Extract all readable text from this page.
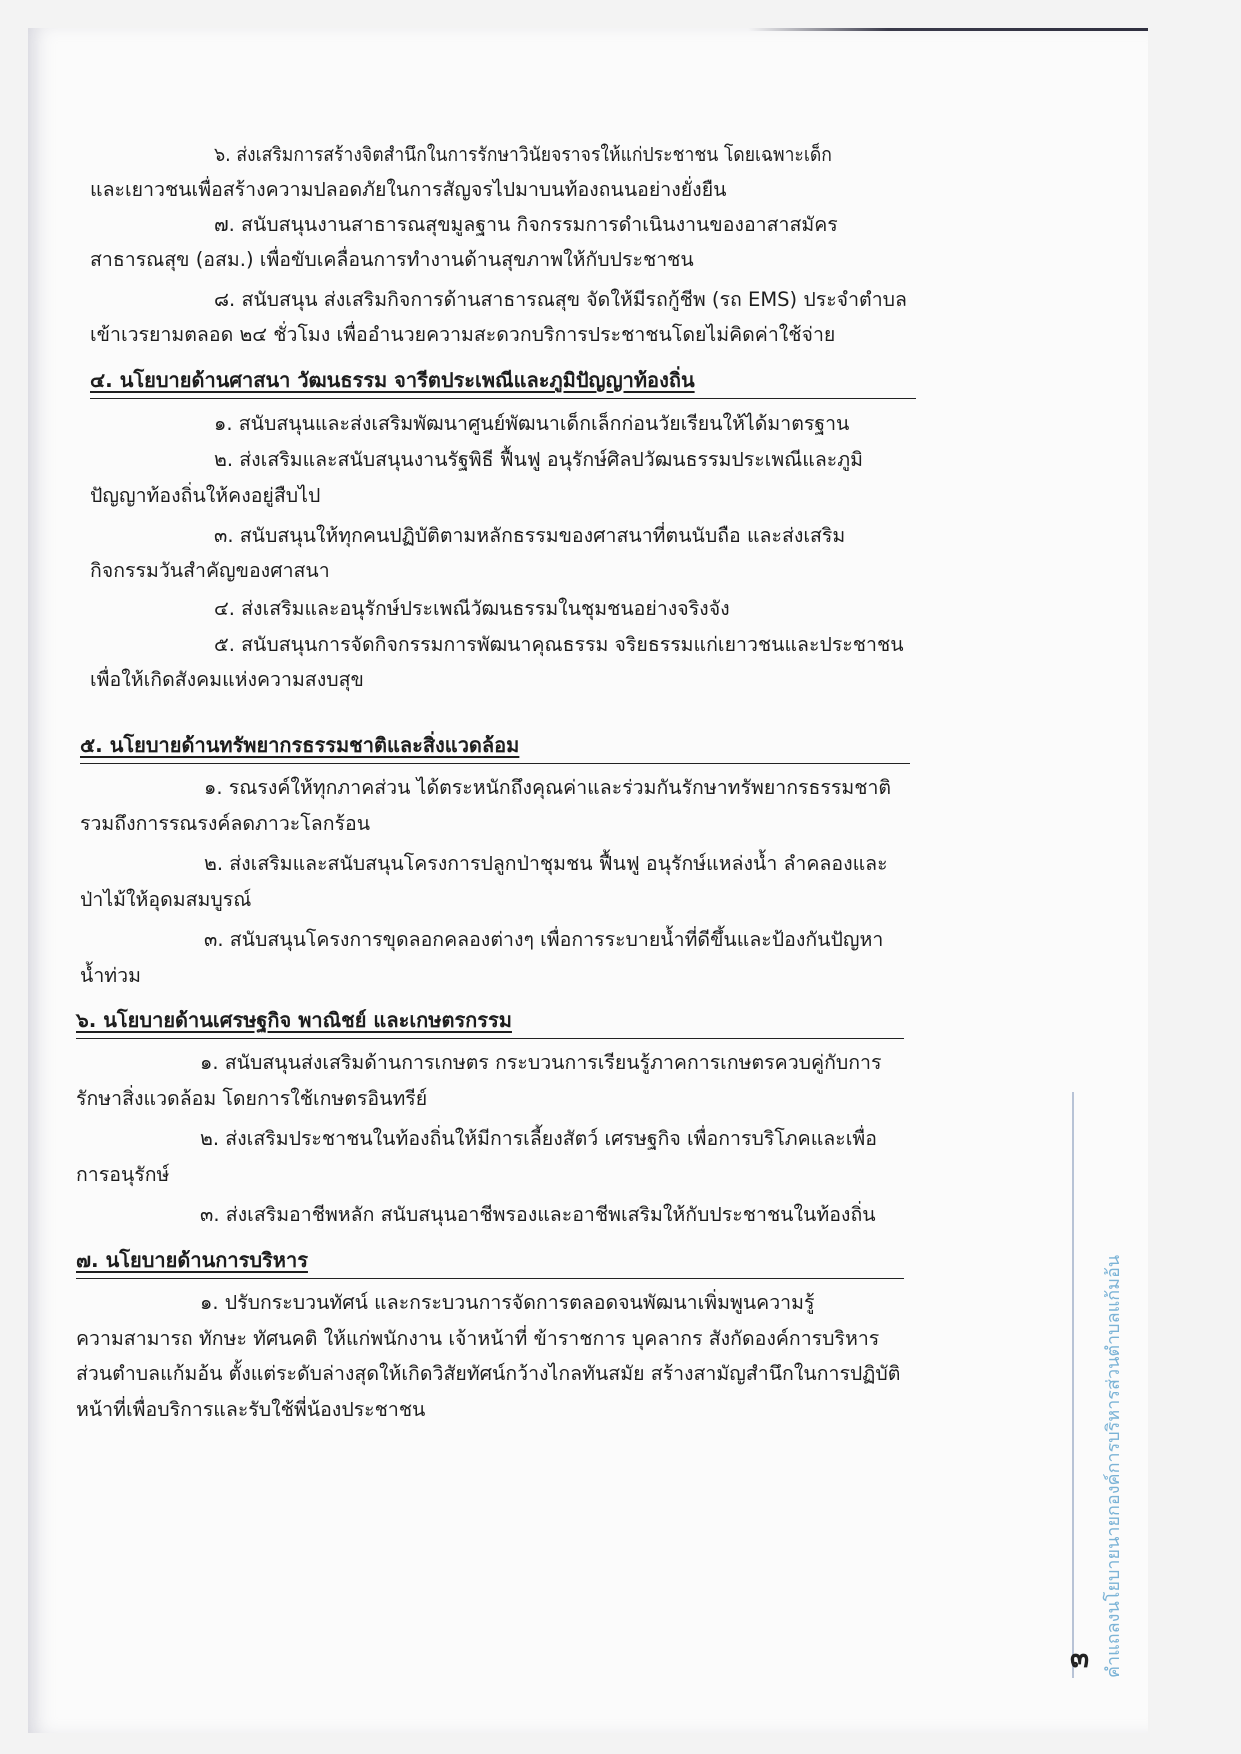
๖. ส่งเสริมการสร้างจิตสำนึกในการรักษาวินัยจราจรให้แก่ประชาชน โดยเฉพาะเด็ก

และเยาวชนเพื่อสร้างความปลอดภัยในการสัญจรไปมาบนท้องถนนอย่างยั่งยืน

๗. สนับสนุนงานสาธารณสุขมูลฐาน กิจกรรมการดำเนินงานของอาสาสมัคร

สาธารณสุข (อสม.) เพื่อขับเคลื่อนการทำงานด้านสุขภาพให้กับประชาชน

๘. สนับสนุน ส่งเสริมกิจการด้านสาธารณสุข จัดให้มีรถกู้ชีพ (รถ EMS) ประจำตำบล

เข้าเวรยามตลอด ๒๔ ชั่วโมง เพื่ออำนวยความสะดวกบริการประชาชนโดยไม่คิดค่าใช้จ่าย

๔. นโยบายด้านศาสนา วัฒนธรรม จารีตประเพณีและภูมิปัญญาท้องถิ่น

๑. สนับสนุนและส่งเสริมพัฒนาศูนย์พัฒนาเด็กเล็กก่อนวัยเรียนให้ได้มาตรฐาน

๒. ส่งเสริมและสนับสนุนงานรัฐพิธี ฟื้นฟู อนุรักษ์ศิลปวัฒนธรรมประเพณีและภูมิ

ปัญญาท้องถิ่นให้คงอยู่สืบไป

๓. สนับสนุนให้ทุกคนปฏิบัติตามหลักธรรมของศาสนาที่ตนนับถือ และส่งเสริม

กิจกรรมวันสำคัญของศาสนา

๔. ส่งเสริมและอนุรักษ์ประเพณีวัฒนธรรมในชุมชนอย่างจริงจัง

๕. สนับสนุนการจัดกิจกรรมการพัฒนาคุณธรรม จริยธรรมแก่เยาวชนและประชาชน

เพื่อให้เกิดสังคมแห่งความสงบสุข

๕. นโยบายด้านทรัพยากรธรรมชาติและสิ่งแวดล้อม

๑. รณรงค์ให้ทุกภาคส่วน ได้ตระหนักถึงคุณค่าและร่วมกันรักษาทรัพยากรธรรมชาติ

รวมถึงการรณรงค์ลดภาวะโลกร้อน

๒. ส่งเสริมและสนับสนุนโครงการปลูกป่าชุมชน ฟื้นฟู อนุรักษ์แหล่งน้ำ ลำคลองและ

ป่าไม้ให้อุดมสมบูรณ์

๓. สนับสนุนโครงการขุดลอกคลองต่างๆ เพื่อการระบายน้ำที่ดีขึ้นและป้องกันปัญหา

น้ำท่วม

๖. นโยบายด้านเศรษฐกิจ พาณิชย์ และเกษตรกรรม

๑. สนับสนุนส่งเสริมด้านการเกษตร กระบวนการเรียนรู้ภาคการเกษตรควบคู่กับการ

รักษาสิ่งแวดล้อม โดยการใช้เกษตรอินทรีย์

๒. ส่งเสริมประชาชนในท้องถิ่นให้มีการเลี้ยงสัตว์ เศรษฐกิจ เพื่อการบริโภคและเพื่อ

การอนุรักษ์

๓. ส่งเสริมอาชีพหลัก สนับสนุนอาชีพรองและอาชีพเสริมให้กับประชาชนในท้องถิ่น

๗. นโยบายด้านการบริหาร

๑. ปรับกระบวนทัศน์ และกระบวนการจัดการตลอดจนพัฒนาเพิ่มพูนความรู้

ความสามารถ ทักษะ ทัศนคติ ให้แก่พนักงาน เจ้าหน้าที่ ข้าราชการ บุคลากร สังกัดองค์การบริหาร

ส่วนตำบลแก้มอ้น ตั้งแต่ระดับล่างสุดให้เกิดวิสัยทัศน์กว้างไกลทันสมัย สร้างสามัญสำนึกในการปฏิบัติ

หน้าที่เพื่อบริการและรับใช้พี่น้องประชาชน	คำแถลงนโยบายนายกองค์การบริหารส่วนตำบลแก้มอ้น
๓
